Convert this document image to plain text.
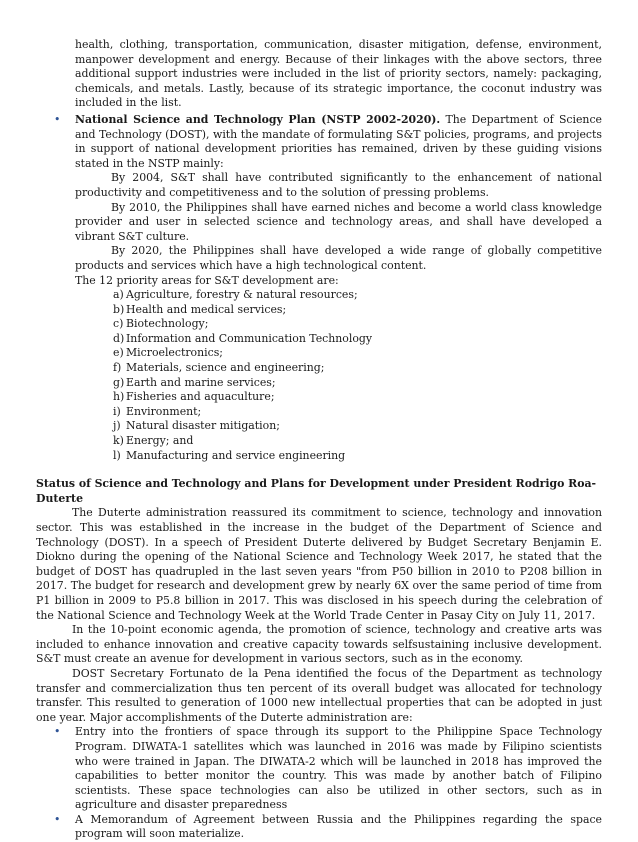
health, clothing, transportation, communication, disaster mitigation, defense, environment, manpower development and energy. Because of their linkages with the above sectors, three additional support industries were included in the list of priority sectors, namely: packaging, chemicals, and metals. Lastly, because of its strategic importance, the coconut industry was included in the list.

• National Science and Technology Plan (NSTP 2002-2020). The Department of Science and Technology (DOST), with the mandate of formulating S&T policies, programs, and projects in support of national development priorities has remained, driven by these guiding visions stated in the NSTP mainly:

By 2004, S&T shall have contributed significantly to the enhancement of national productivity and competitiveness and to the solution of pressing problems.

By 2010, the Philippines shall have earned niches and become a world class knowledge provider and user in selected science and technology areas, and shall have developed a vibrant S&T culture.

By 2020, the Philippines shall have developed a wide range of globally competitive products and services which have a high technological content.

The 12 priority areas for S&T development are:

a) Agriculture, forestry & natural resources;
b) Health and medical services;
c) Biotechnology;
d) Information and Communication Technology
e) Microelectronics;
f) Materials, science and engineering;
g) Earth and marine services;
h) Fisheries and aquaculture;
i) Environment;
j) Natural disaster mitigation;
k) Energy; and
l) Manufacturing and service engineering
Status of Science and Technology and Plans for Development under President Rodrigo Roa-Duterte

The Duterte administration reassured its commitment to science, technology and innovation sector. This was established in the increase in the budget of the Department of Science and Technology (DOST). In a speech of President Duterte delivered by Budget Secretary Benjamin E. Diokno during the opening of the National Science and Technology Week 2017, he stated that the budget of DOST has quadrupled in the last seven years "from P50 billion in 2010 to P208 billion in 2017. The budget for research and development grew by nearly 6X over the same period of time from P1 billion in 2009 to P5.8 billion in 2017. This was disclosed in his speech during the celebration of the National Science and Technology Week at the World Trade Center in Pasay City on July 11, 2017.

In the 10-point economic agenda, the promotion of science, technology and creative arts was included to enhance innovation and creative capacity towards selfsustaining inclusive development. S&T must create an avenue for development in various sectors, such as in the economy.

DOST Secretary Fortunato de la Pena identified the focus of the Department as technology transfer and commercialization thus ten percent of its overall budget was allocated for technology transfer. This resulted to generation of 1000 new intellectual properties that can be adopted in just one year. Major accomplishments of the Duterte administration are:

• Entry into the frontiers of space through its support to the Philippine Space Technology Program. DIWATA-1 satellites which was launched in 2016 was made by Filipino scientists who were trained in Japan. The DIWATA-2 which will be launched in 2018 has improved the capabilities to better monitor the country. This was made by another batch of Filipino scientists. These space technologies can also be utilized in other sectors, such as in agriculture and disaster preparedness

• A Memorandum of Agreement between Russia and the Philippines regarding the space program will soon materialize.
